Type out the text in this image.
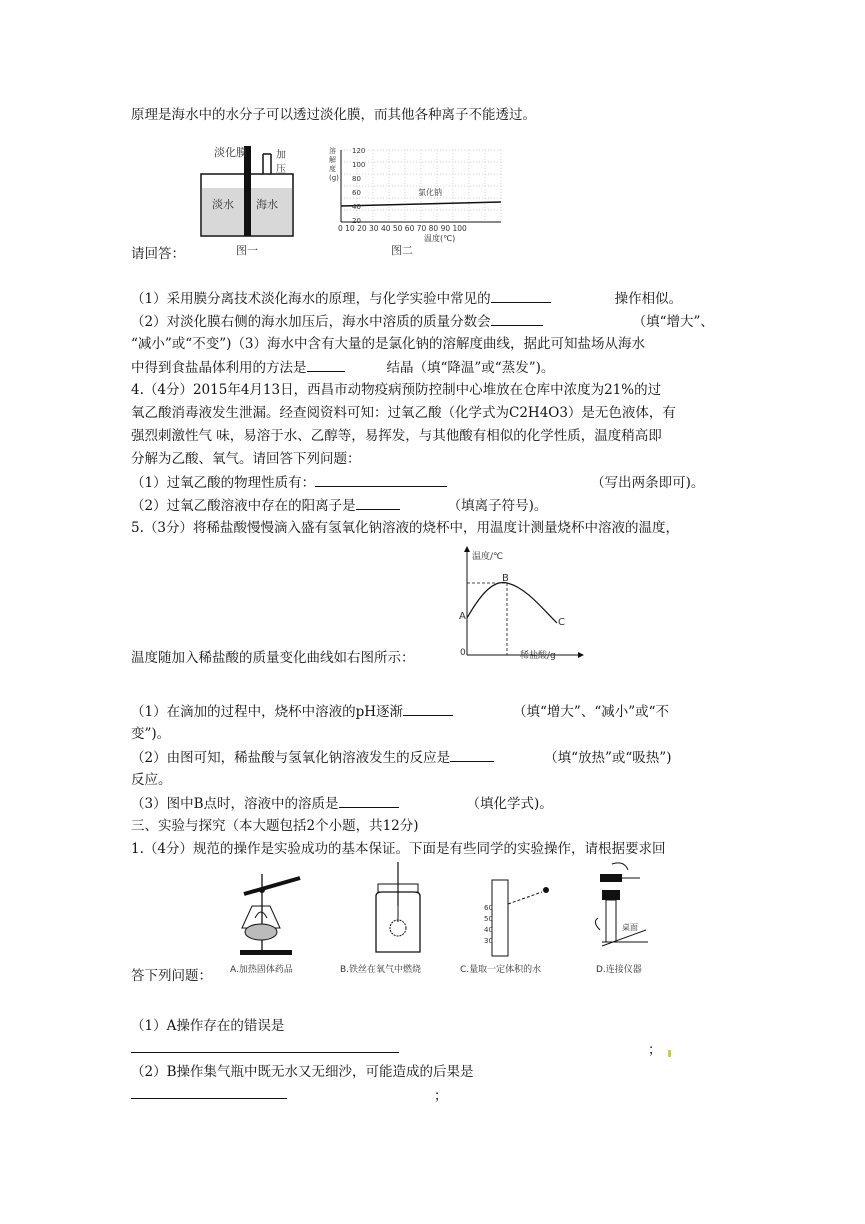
原理是海水中的水分子可以透过淡化膜，而其他各种离子不能透过。
淡化膜	加
压
淡水 海水
图一
溶
解
度
(g)
120
100
80
60
40
20
0 10 20 30 40 50 60 70 80 90 100
温度(℃)
氯化钠
图二
请回答：
（1）采用膜分离技术淡化海水的原理，与化学实验中常见的	操作相似。
（2）对淡化膜右侧的海水加压后，海水中溶质的质量分数会	（填“增大”、
“减小”或“不变”)（3）海水中含有大量的是氯化钠的溶解度曲线，据此可知盐场从海水
中得到食盐晶体利用的方法是	结晶（填“降温”或“蒸发”)。
4.（4分）2015年4月13日，西昌市动物疫病预防控制中心堆放在仓库中浓度为21%的过
氧乙酸消毒液发生泄漏。经查阅资料可知：过氧乙酸（化学式为C2H4O3）是无色液体，有
强烈刺激性气 味，易溶于水、乙醇等，易挥发，与其他酸有相似的化学性质，温度稍高即
分解为乙酸、氧气。请回答下列问题：
（1）过氧乙酸的物理性质有：	（写出两条即可)。
（2）过氧乙酸溶液中存在的阳离子是	（填离子符号)。
5.（3分）将稀盐酸慢慢滴入盛有氢氧化钠溶液的烧杯中，用温度计测量烧杯中溶液的温度，
温度/℃
稀盐酸/g
0
A
B
C
温度随加入稀盐酸的质量变化曲线如右图所示：
（1）在滴加的过程中，烧杯中溶液的pH逐渐	（填“增大”、“减小”或“不
变”)。
（2）由图可知，稀盐酸与氢氧化钠溶液发生的反应是	（填“放热”或“吸热”)
反应。
（3）图中B点时，溶液中的溶质是	（填化学式)。
三、实验与探究（本大题包括2个小题，共12分)
1.（4分）规范的操作是实验成功的基本保证。下面是有些同学的实验操作，请根据要求回
60
50
40
30
桌面
A.加热固体药品	B.铁丝在氧气中燃烧	C.量取一定体积的水	D.连接仪器
答下列问题：
（1）A操作存在的错误是
；
（2）B操作集气瓶中既无水又无细沙，可能造成的后果是
；
